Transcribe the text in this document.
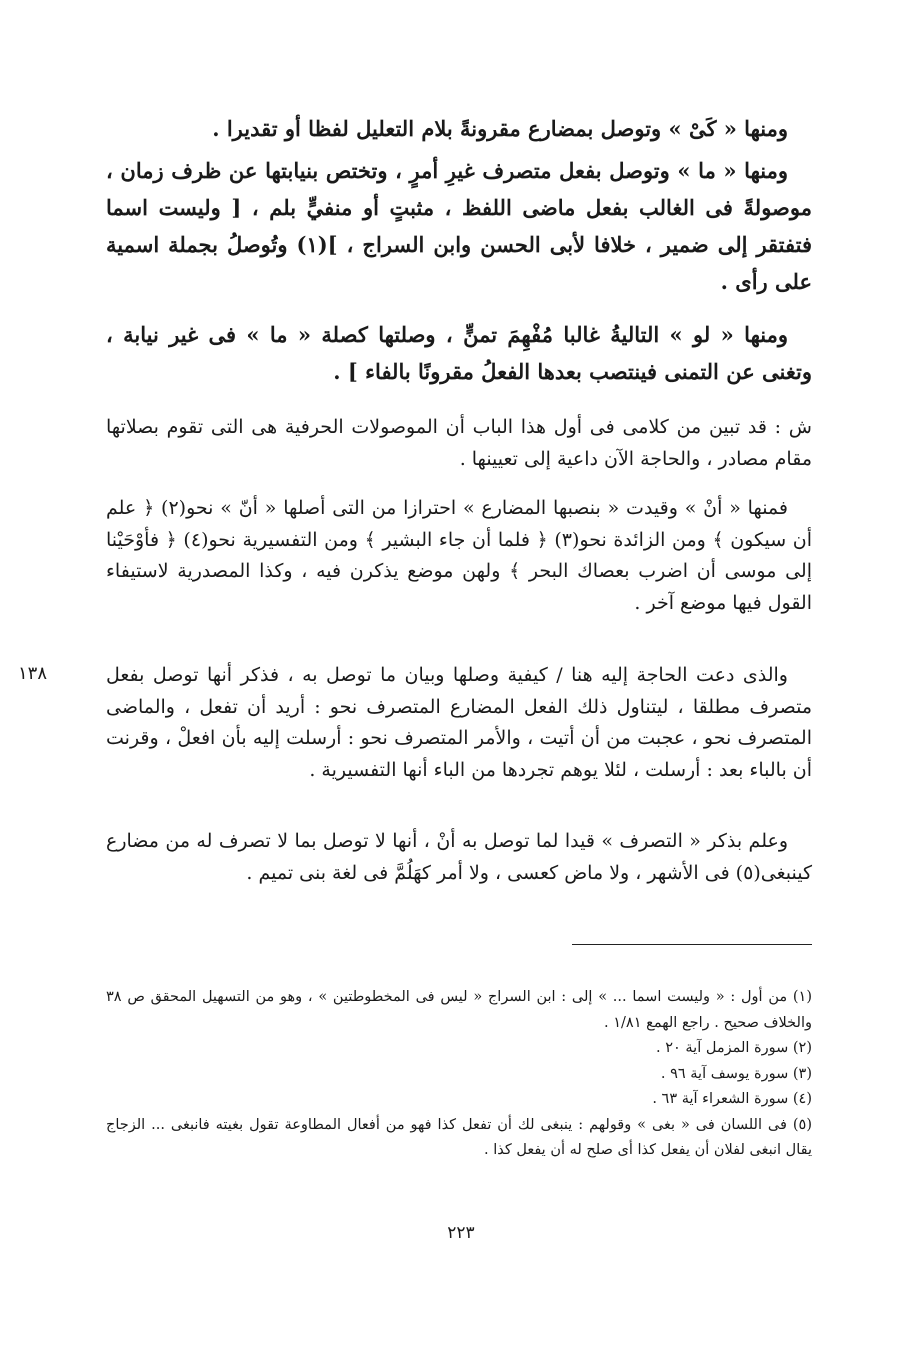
ومنها « كَىْ » وتوصل بمضارع مقرونةً بلام التعليل لفظا أو تقديرا .

ومنها « ما » وتوصل بفعل متصرف غيرِ أمرٍ ، وتختص بنيابتها عن ظرف زمان ، موصولةً فى الغالب بفعل ماضى اللفظ ، مثبتٍ أو منفيٍّ بلم ، [ وليست اسما فتفتقر إلى ضمير ، خلافا لأبى الحسن وابن السراج ، ](١) وتُوصلُ بجملة اسمية على رأى .

ومنها « لو » التاليةُ غالبا مُفْهِمَ تمنٍّ ، وصلتها كصلة « ما » فى غير نيابة ، وتغنى عن التمنى فينتصب بعدها الفعلُ مقرونًا بالفاء ] .

ش : قد تبين من كلامى فى أول هذا الباب أن الموصولات الحرفية هى التى تقوم بصلاتها مقام مصادر ، والحاجة الآن داعية إلى تعيينها .

فمنها « أنْ » وقيدت « بنصبها المضارع » احترازا من التى أصلها « أنّ » نحو(٢) ﴿ علم أن سيكون ﴾ ومن الزائدة نحو(٣) ﴿ فلما أن جاء البشير ﴾ ومن التفسيرية نحو(٤) ﴿ فأوْحَيْنا إلى موسى أن اضرب بعصاك البحر ﴾ ولهن موضع يذكرن فيه ، وكذا المصدرية لاستيفاء القول فيها موضع آخر .

والذى دعت الحاجة إليه هنا / كيفية وصلها وبيان ما توصل به ، فذكر أنها توصل بفعل متصرف مطلقا ، ليتناول ذلك الفعل المضارع المتصرف نحو : أريد أن تفعل ، والماضى المتصرف نحو ، عجبت من أن أتيت ، والأمر المتصرف نحو : أرسلت إليه بأن افعلْ ، وقرنت أن بالباء بعد : أرسلت ، لئلا يوهم تجردها من الباء أنها التفسيرية .

وعلم بذكر « التصرف » قيدا لما توصل به أنْ ، أنها لا توصل بما لا تصرف له من مضارع كينبغى(٥) فى الأشهر ، ولا ماض كعسى ، ولا أمر كهَلُمَّ فى لغة بنى تميم .

١٣٨

(١) من أول : « وليست اسما ... » إلى : ابن السراج « ليس فى المخطوطتين » ، وهو من التسهيل المحقق ص ٣٨ والخلاف صحيح . راجع الهمع ١/٨١ .

(٢) سورة المزمل آية ٢٠ .

(٣) سورة يوسف آية ٩٦ .

(٤) سورة الشعراء آية ٦٣ .

(٥) فى اللسان فى « بغى » وقولهم : ينبغى لك أن تفعل كذا فهو من أفعال المطاوعة تقول بغيته فانبغى ... الزجاج يقال انبغى لفلان أن يفعل كذا أى صلح له أن يفعل كذا .

٢٢٣
